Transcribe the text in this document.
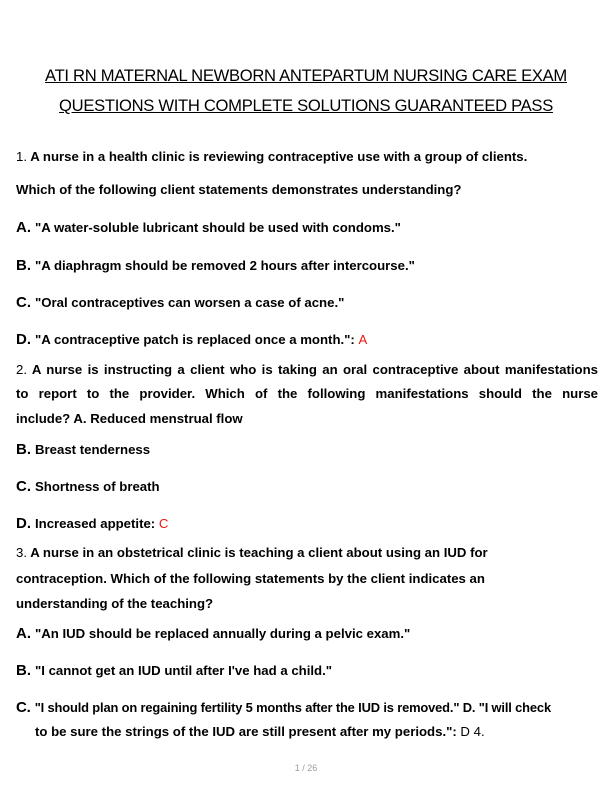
ATI RN MATERNAL NEWBORN ANTEPARTUM NURSING CARE EXAM
QUESTIONS WITH COMPLETE SOLUTIONS GUARANTEED PASS
1. A nurse in a health clinic is reviewing contraceptive use with a group of clients.
Which of the following client statements demonstrates understanding?
A. "A water-soluble lubricant should be used with condoms."
B. "A diaphragm should be removed 2 hours after intercourse."
C. "Oral contraceptives can worsen a case of acne."
D. "A contraceptive patch is replaced once a month.": A
2. A nurse is instructing a client who is taking an oral contraceptive about manifestations
to report to the provider. Which of the following manifestations should the nurse
include? A. Reduced menstrual flow
B. Breast tenderness
C. Shortness of breath
D. Increased appetite: C
3. A nurse in an obstetrical clinic is teaching a client about using an IUD for
contraception. Which of the following statements by the client indicates an
understanding of the teaching?
A. "An IUD should be replaced annually during a pelvic exam."
B. "I cannot get an IUD until after I've had a child."
C. "I should plan on regaining fertility 5 months after the IUD is removed." D. "I will check
to be sure the strings of the IUD are still present after my periods.": D 4.
1 / 26
